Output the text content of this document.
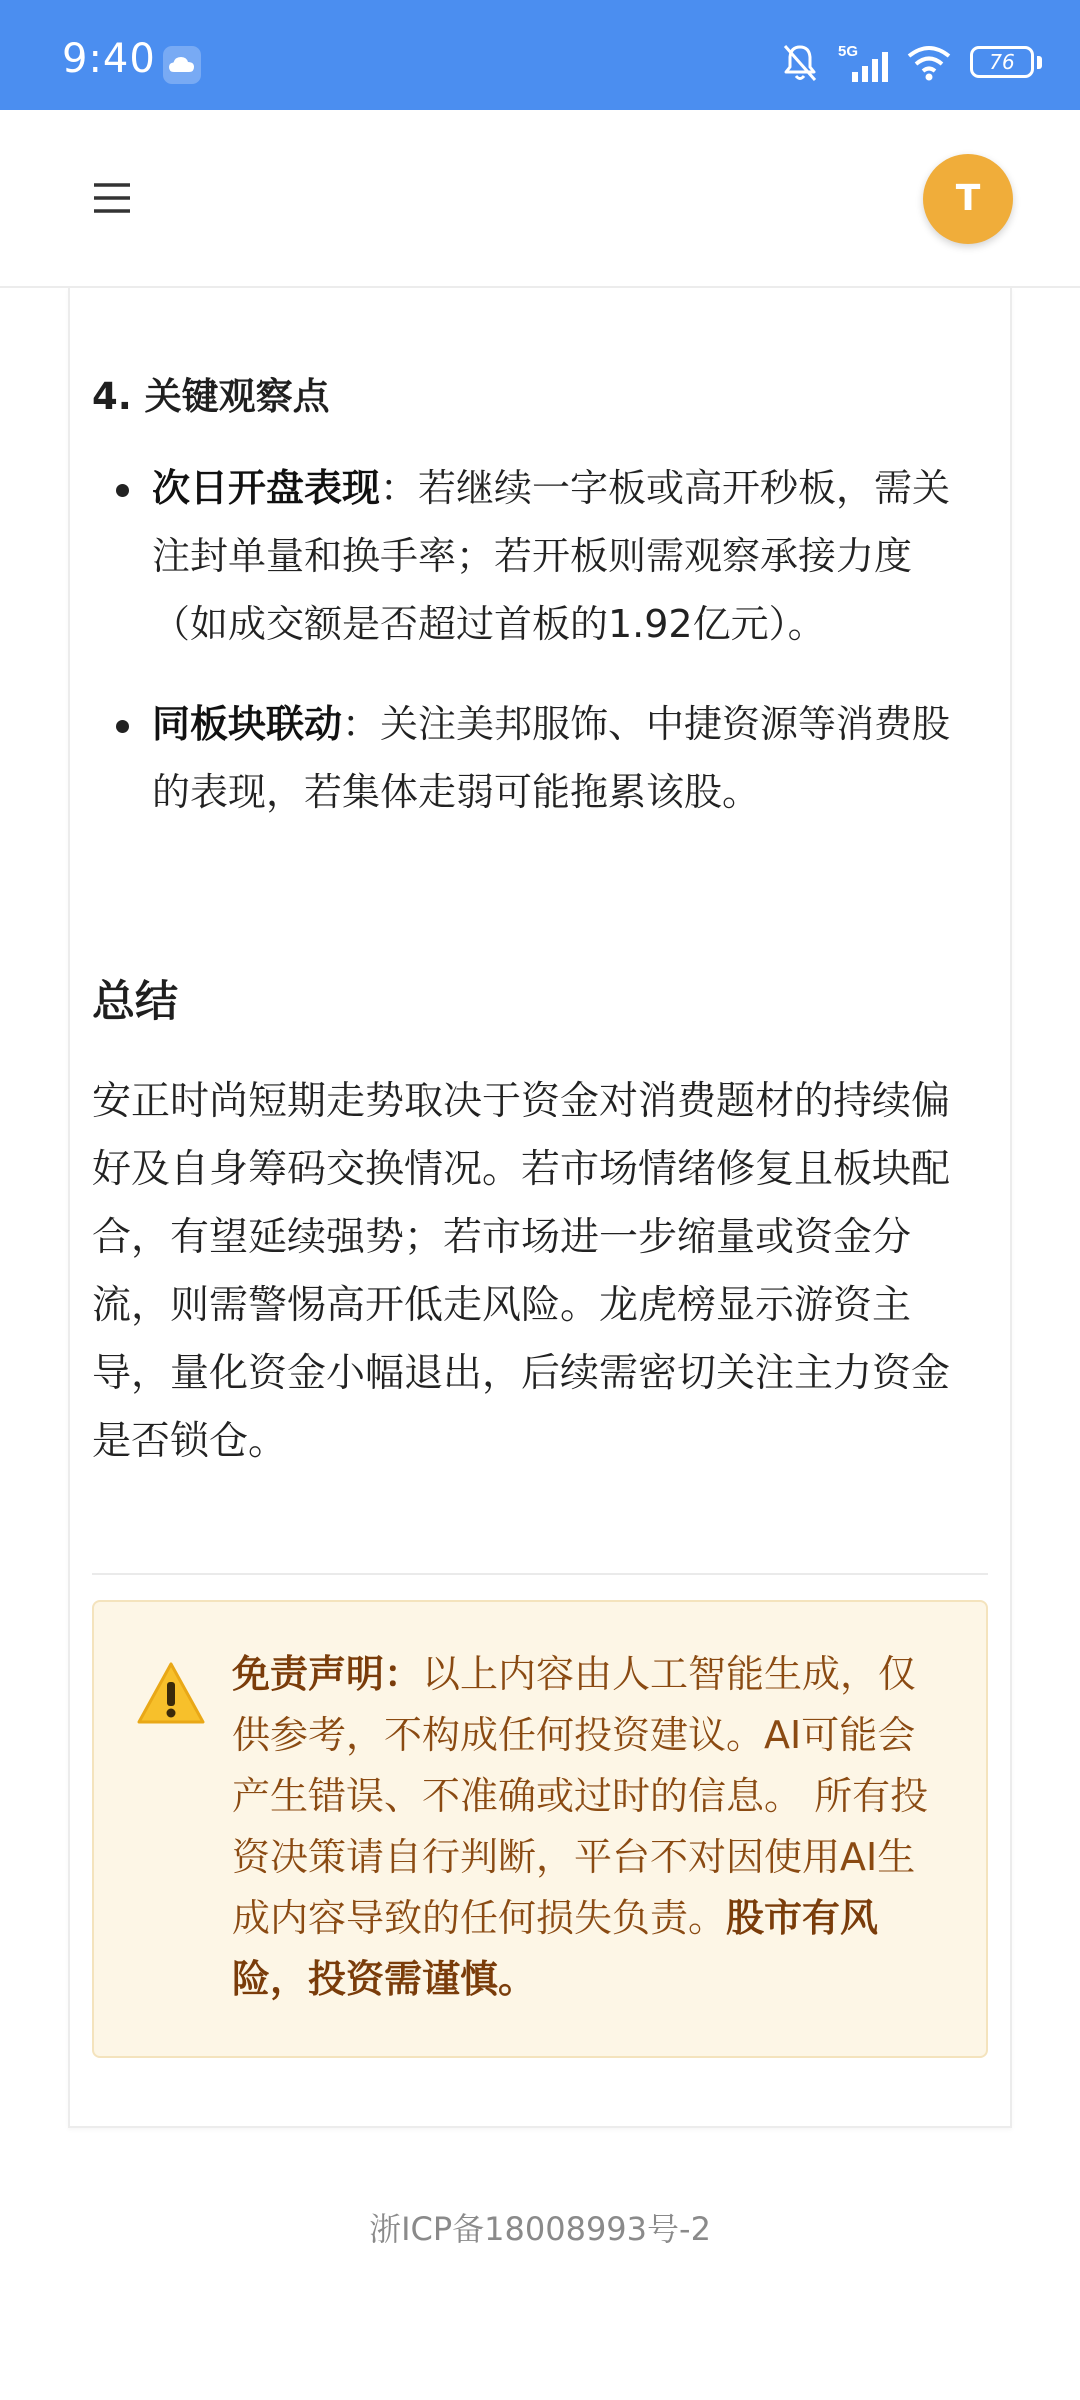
9:40	5G	76
T
4. 关键观察点
次日开盘表现：若继续一字板或高开秒板，需关注封单量和换手率；若开板则需观察承接力度（如成交额是否超过首板的1.92亿元）。
同板块联动：关注美邦服饰、中捷资源等消费股的表现，若集体走弱可能拖累该股。
总结

安正时尚短期走势取决于资金对消费题材的持续偏好及自身筹码交换情况。若市场情绪修复且板块配合，有望延续强势；若市场进一步缩量或资金分流，则需警惕高开低走风险。龙虎榜显示游资主导，量化资金小幅退出，后续需密切关注主力资金是否锁仓。

免责声明：以上内容由人工智能生成，仅供参考，不构成任何投资建议。AI可能会产生错误、不准确或过时的信息。 所有投资决策请自行判断，平台不对因使用AI生成内容导致的任何损失负责。股市有风险，投资需谨慎。

浙ICP备18008993号-2
